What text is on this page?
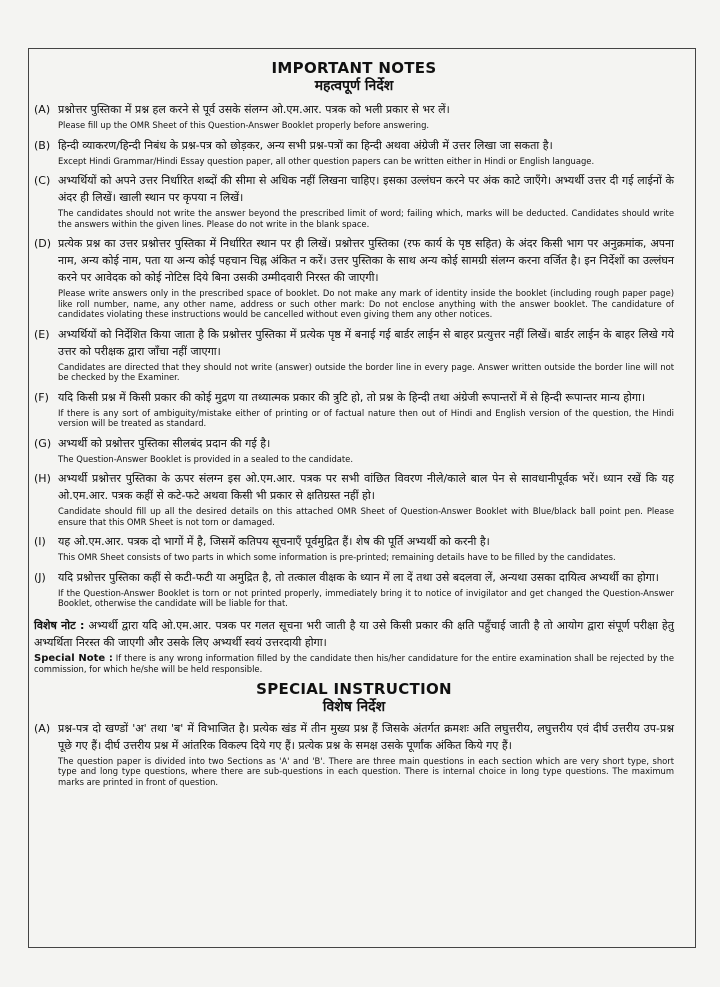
IMPORTANT NOTES
महत्वपूर्ण निर्देश
(A) प्रश्नोत्तर पुस्तिका में प्रश्न हल करने से पूर्व उसके संलग्न ओ.एम.आर. पत्रक को भली प्रकार से भर लें।
Please fill up the OMR Sheet of this Question-Answer Booklet properly before answering.
(B) हिन्दी व्याकरण/हिन्दी निबंध के प्रश्न-पत्र को छोड़कर, अन्य सभी प्रश्न-पत्रों का हिन्दी अथवा अंग्रेजी में उत्तर लिखा जा सकता है।
Except Hindi Grammar/Hindi Essay question paper, all other question papers can be written either in Hindi or English language.
(C) अभ्यर्थियों को अपने उत्तर निर्धारित शब्दों की सीमा से अधिक नहीं लिखना चाहिए। इसका उल्लंघन करने पर अंक काटे जाएँगे। अभ्यर्थी उत्तर दी गई लाईनों के अंदर ही लिखें। खाली स्थान पर कृपया न लिखें।
The candidates should not write the answer beyond the prescribed limit of word; failing which, marks will be deducted. Candidates should write the answers within the given lines. Please do not write in the blank space.
(D) प्रत्येक प्रश्न का उत्तर प्रश्नोत्तर पुस्तिका में निर्धारित स्थान पर ही लिखें। प्रश्नोत्तर पुस्तिका (रफ कार्य के पृष्ठ सहित) के अंदर किसी भाग पर अनुक्रमांक, अपना नाम, अन्य कोई नाम, पता या अन्य कोई पहचान चिह्न अंकित न करें। उत्तर पुस्तिका के साथ अन्य कोई सामग्री संलग्न करना वर्जित है। इन निर्देशों का उल्लंघन करने पर आवेदक को कोई नोटिस दिये बिना उसकी उम्मीदवारी निरस्त की जाएगी।
Please write answers only in the prescribed space of booklet. Do not make any mark of identity inside the booklet (including rough paper page) like roll number, name, any other name, address or such other mark: Do not enclose anything with the answer booklet. The candidature of candidates violating these instructions would be cancelled without even giving them any other notices.
(E) अभ्यर्थियों को निर्देशित किया जाता है कि प्रश्नोत्तर पुस्तिका में प्रत्येक पृष्ठ में बनाई गई बार्डर लाईन से बाहर प्रत्युत्तर नहीं लिखें। बार्डर लाईन के बाहर लिखे गये उत्तर को परीक्षक द्वारा जाँचा नहीं जाएगा।
Candidates are directed that they should not write (answer) outside the border line in every page. Answer written outside the border line will not be checked by the Examiner.
(F) यदि किसी प्रश्न में किसी प्रकार की कोई मुद्रण या तथ्यात्मक प्रकार की त्रुटि हो, तो प्रश्न के हिन्दी तथा अंग्रेजी रूपान्तरों में से हिन्दी रूपान्तर मान्य होगा।
If there is any sort of ambiguity/mistake either of printing or of factual nature then out of Hindi and English version of the question, the Hindi version will be treated as standard.
(G) अभ्यर्थी को प्रश्नोत्तर पुस्तिका सीलबंद प्रदान की गई है।
The Question-Answer Booklet is provided in a sealed to the candidate.
(H) अभ्यर्थी प्रश्नोत्तर पुस्तिका के ऊपर संलग्न इस ओ.एम.आर. पत्रक पर सभी वांछित विवरण नीले/काले बाल पेन से सावधानीपूर्वक भरें। ध्यान रखें कि यह ओ.एम.आर. पत्रक कहीं से कटे-फटे अथवा किसी भी प्रकार से क्षतिग्रस्त नहीं हो।
Candidate should fill up all the desired details on this attached OMR Sheet of Question-Answer Booklet with Blue/black ball point pen. Please ensure that this OMR Sheet is not torn or damaged.
(I)	यह ओ.एम.आर. पत्रक दो भागों में है, जिसमें कतिपय सूचनाएँ पूर्वमुद्रित हैं। शेष की पूर्ति अभ्यर्थी को करनी है।
This OMR Sheet consists of two parts in which some information is pre-printed; remaining details have to be filled by the candidates.
(J)	यदि प्रश्नोत्तर पुस्तिका कहीं से कटी-फटी या अमुद्रित है, तो तत्काल वीक्षक के ध्यान में ला दें तथा उसे बदलवा लें, अन्यथा उसका दायित्व अभ्यर्थी का होगा।
If the Question-Answer Booklet is torn or not printed properly, immediately bring it to notice of invigilator and get changed the Question-Answer Booklet, otherwise the candidate will be liable for that.
विशेष नोट : अभ्यर्थी द्वारा यदि ओ.एम.आर. पत्रक पर गलत सूचना भरी जाती है या उसे किसी प्रकार की क्षति पहुँचाई जाती है तो आयोग द्वारा संपूर्ण परीक्षा हेतु अभ्यर्थिता निरस्त की जाएगी और उसके लिए अभ्यर्थी स्वयं उत्तरदायी होगा।
Special Note : If there is any wrong information filled by the candidate then his/her candidature for the entire examination shall be rejected by the commission, for which he/she will be held responsible.
SPECIAL INSTRUCTION
विशेष निर्देश
(A) प्रश्न-पत्र दो खण्डों 'अ' तथा 'ब' में विभाजित है। प्रत्येक खंड में तीन मुख्य प्रश्न हैं जिसके अंतर्गत क्रमशः अति लघुत्तरीय, लघुत्तरीय एवं दीर्घ उत्तरीय उप-प्रश्न पूछे गए हैं। दीर्घ उत्तरीय प्रश्न में आंतरिक विकल्प दिये गए हैं। प्रत्येक प्रश्न के समक्ष उसके पूर्णांक अंकित किये गए हैं।
The question paper is divided into two Sections as 'A' and 'B'. There are three main questions in each section which are very short type, short type and long type questions, where there are sub-questions in each question. There is internal choice in long type questions. The maximum marks are printed in front of question.
